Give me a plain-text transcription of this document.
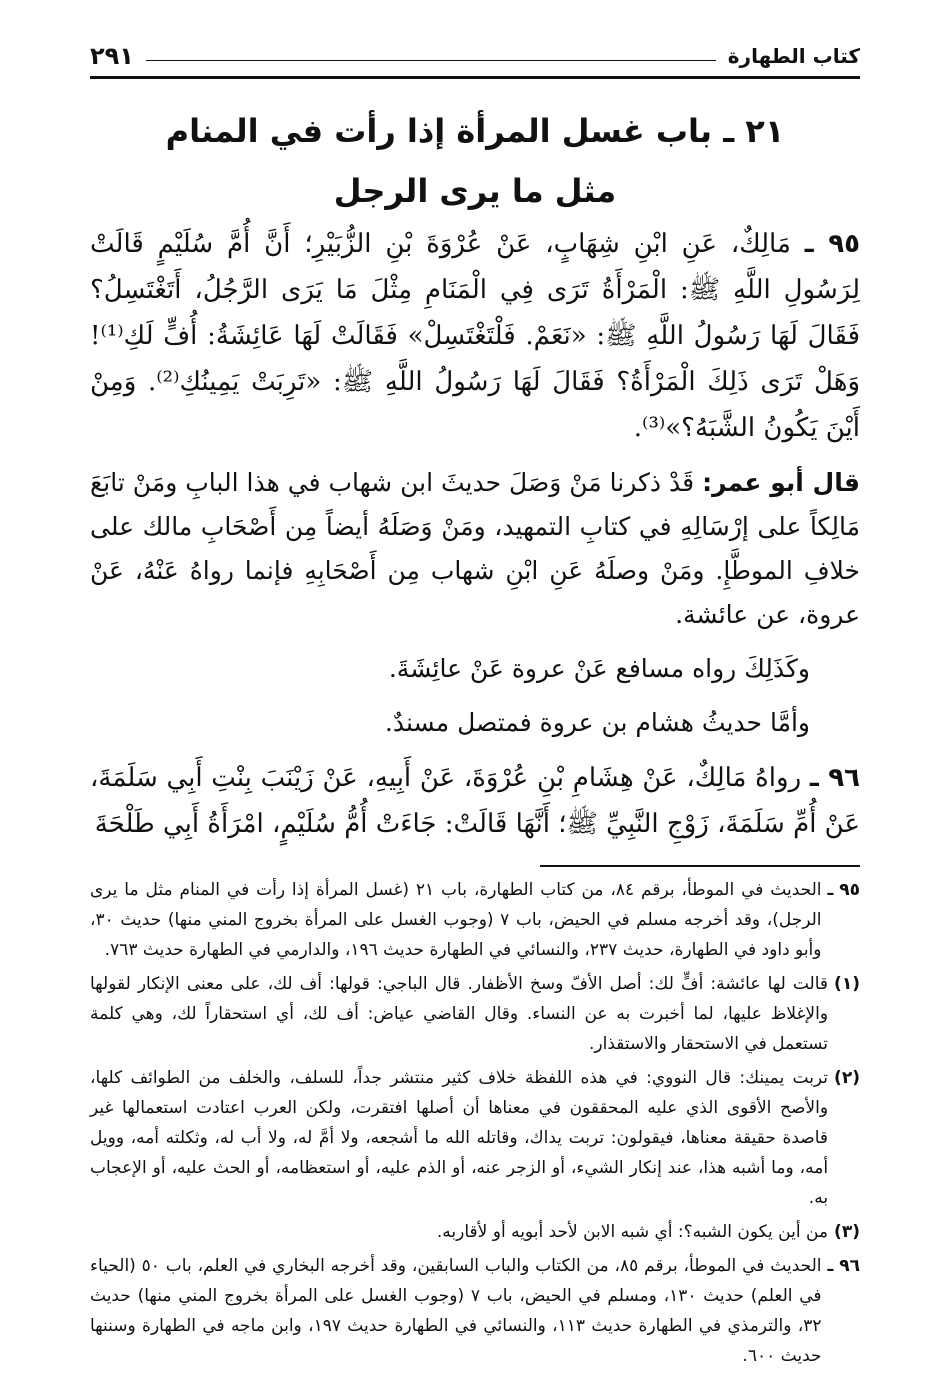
كتاب الطهارة
٢٩١
٢١ ـ باب غسل المرأة إذا رأت في المنام
مثل ما يرى الرجل

٩٥ ـ مَالِكٌ، عَنِ ابْنِ شِهَابٍ، عَنْ عُرْوَةَ بْنِ الزُّبَيْرِ؛ أَنَّ أُمَّ سُلَيْمٍ قَالَتْ لِرَسُولِ اللَّهِ ﷺ: الْمَرْأَةُ تَرَى فِي الْمَنَامِ مِثْلَ مَا يَرَى الرَّجُلُ، أَتَغْتَسِلُ؟ فَقَالَ لَهَا رَسُولُ اللَّهِ ﷺ: «نَعَمْ. فَلْتَغْتَسِلْ» فَقَالَتْ لَهَا عَائِشَةُ: أُفٍّ لَكِ⁽¹⁾! وَهَلْ تَرَى ذَلِكَ الْمَرْأَةُ؟ فَقَالَ لَهَا رَسُولُ اللَّهِ ﷺ: «تَرِبَتْ يَمِينُكِ⁽²⁾. وَمِنْ أَيْنَ يَكُونُ الشَّبَهُ؟»⁽³⁾.

قال أبو عمر: قَدْ ذكرنا مَنْ وَصَلَ حديثَ ابن شهاب في هذا البابِ ومَنْ تابَعَ مَالِكاً على إرْسَالِهِ في كتابِ التمهيد، ومَنْ وَصَلَهُ أيضاً مِن أَصْحَابِ مالك على خلافِ الموطَّإِ. ومَنْ وصلَهُ عَنِ ابْنِ شهاب مِن أَصْحَابِهِ فإنما رواهُ عَنْهُ، عَنْ عروة، عن عائشة.

وكَذَلِكَ رواه مسافع عَنْ عروة عَنْ عائِشَةَ.

وأمَّا حديثُ هشام بن عروة فمتصل مسندٌ.

٩٦ ـ رواهُ مَالِكٌ، عَنْ هِشَامِ بْنِ عُرْوَةَ، عَنْ أَبِيهِ، عَنْ زَيْنَبَ بِنْتِ أَبِي سَلَمَةَ، عَنْ أُمِّ سَلَمَةَ، زَوْجِ النَّبِيِّ ﷺ؛ أَنَّهَا قَالَتْ: جَاءَتْ أُمُّ سُلَيْمٍ، امْرَأَةُ أَبِي طَلْحَةَ

٩٥ ـ
الحديث في الموطأ، برقم ٨٤، من كتاب الطهارة، باب ٢١ (غسل المرأة إذا رأت في المنام مثل ما يرى الرجل)، وقد أخرجه مسلم في الحيض، باب ٧ (وجوب الغسل على المرأة بخروج المني منها) حديث ٣٠، وأبو داود في الطهارة، حديث ٢٣٧، والنسائي في الطهارة حديث ١٩٦، والدارمي في الطهارة حديث ٧٦٣.
(١)
قالت لها عائشة: أفٍّ لك: أصل الأفّ وسخ الأظفار. قال الباجي: قولها: أف لك، على معنى الإنكار لقولها والإغلاظ عليها، لما أخبرت به عن النساء. وقال القاضي عياض: أف لك، أي استحقاراً لك، وهي كلمة تستعمل في الاستحقار والاستقذار.
(٢)
تربت يمينك: قال النووي: في هذه اللفظة خلاف كثير منتشر جداً، للسلف، والخلف من الطوائف كلها، والأصح الأقوى الذي عليه المحققون في معناها أن أصلها افتقرت، ولكن العرب اعتادت استعمالها غير قاصدة حقيقة معناها، فيقولون: تربت يداك، وقاتله الله ما أشجعه، ولا أمَّ له، ولا أب له، وثكلته أمه، وويل أمه، وما أشبه هذا، عند إنكار الشيء، أو الزجر عنه، أو الذم عليه، أو استعظامه، أو الحث عليه، أو الإعجاب به.
(٣)
من أين يكون الشبه؟: أي شبه الابن لأحد أبويه أو لأقاربه.
٩٦ ـ
الحديث في الموطأ، برقم ٨٥، من الكتاب والباب السابقين، وقد أخرجه البخاري في العلم، باب ٥٠ (الحياء في العلم) حديث ١٣٠، ومسلم في الحيض، باب ٧ (وجوب الغسل على المرأة بخروج المني منها) حديث ٣٢، والترمذي في الطهارة حديث ١١٣، والنسائي في الطهارة حديث ١٩٧، وابن ماجه في الطهارة وسننها حديث ٦٠٠.
